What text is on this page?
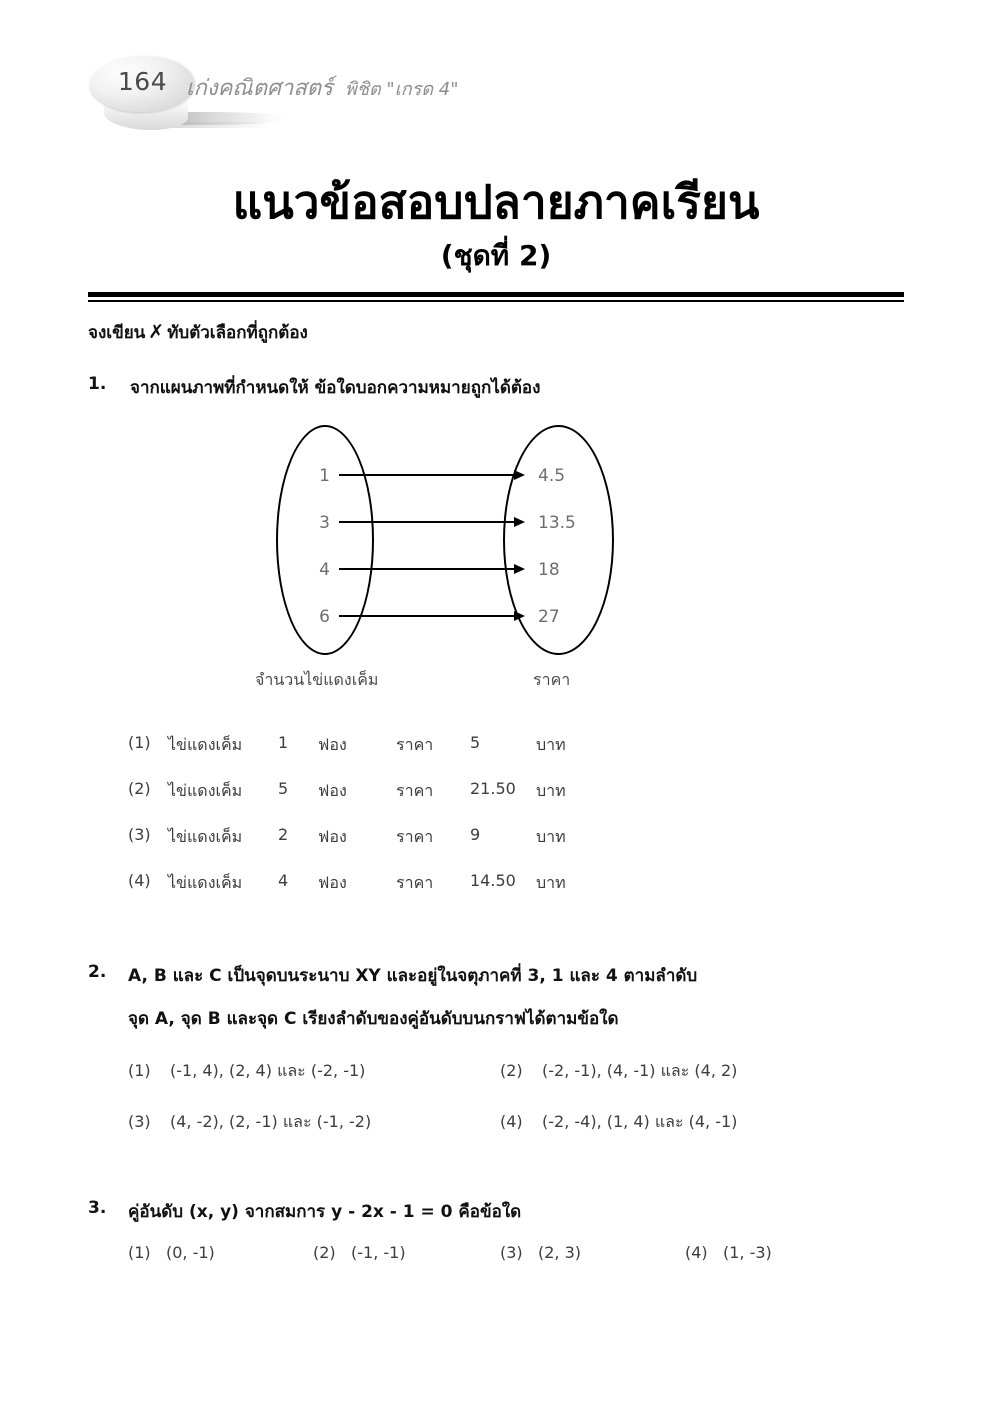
164 เก่งคณิตศาสตร์ พิชิต "เกรด 4"
แนวข้อสอบปลายภาคเรียน
(ชุดที่ 2)
จงเขียน ✗ ทับตัวเลือกที่ถูกต้อง
1. จากแผนภาพที่กำหนดให้ ข้อใดบอกความหมายถูกได้ต้อง
1
3
4
6
4.5
13.5
18
27
จำนวนไข่แดงเค็ม	ราคา
(1) ไข่แดงเค็ม 1 ฟอง	ราคา 5	บาท
(2) ไข่แดงเค็ม 5 ฟอง	ราคา 21.50 บาท
(3) ไข่แดงเค็ม 2 ฟอง	ราคา 9	บาท
(4) ไข่แดงเค็ม 4 ฟอง	ราคา 14.50 บาท
2. A, B และ C เป็นจุดบนระนาบ XY และอยู่ในจตุภาคที่ 3, 1 และ 4 ตามลำดับ
จุด A, จุด B และจุด C เรียงลำดับของคู่อันดับบนกราฟได้ตามข้อใด
(1) (-1, 4), (2, 4) และ (-2, -1)	(2) (-2, -1), (4, -1) และ (4, 2)
(3) (4, -2), (2, -1) และ (-1, -2)	(4) (-2, -4), (1, 4) และ (4, -1)
3. คู่อันดับ (x, y) จากสมการ y - 2x - 1 = 0 คือข้อใด
(1) (0, -1)	(2) (-1, -1)	(3) (2, 3)	(4) (1, -3)
